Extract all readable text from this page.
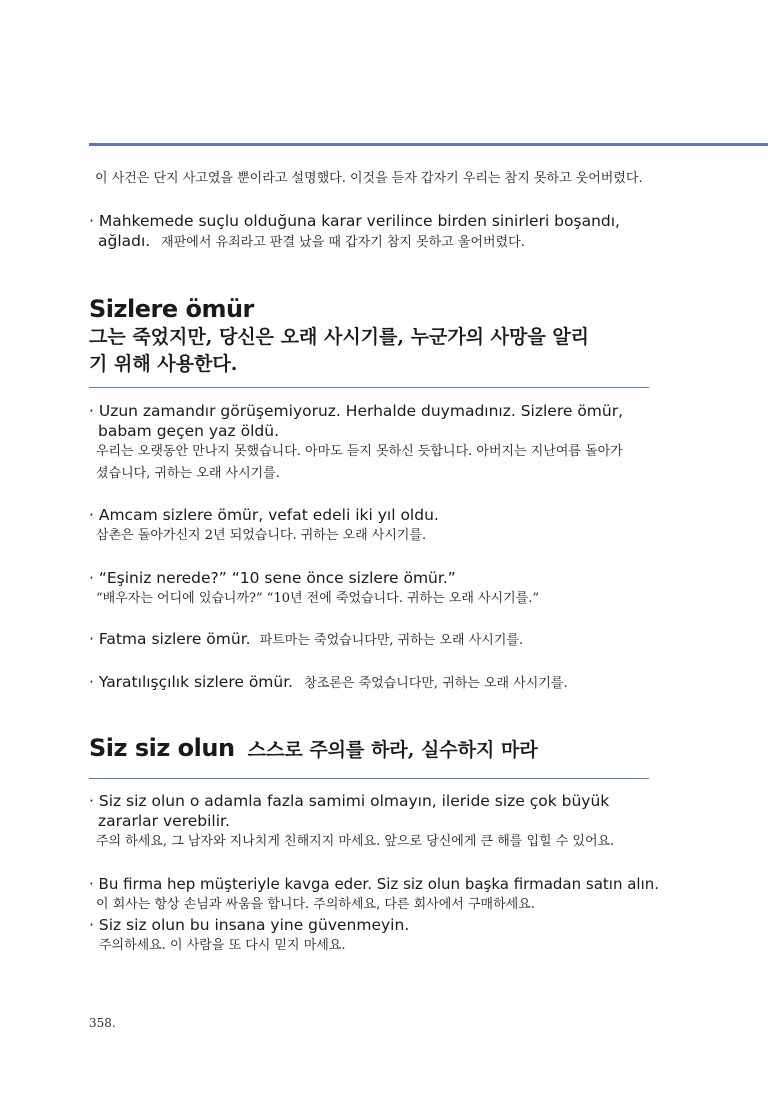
이 사건은 단지 사고였을 뿐이라고 설명했다. 이것을 듣자 갑자기 우리는 참지 못하고 웃어버렸다.
· Mahkemede suçlu olduğuna karar verilince birden sinirleri boşandı,
ağladı. 재판에서 유죄라고 판결 났을 때 갑자기 참지 못하고 울어버렸다.
Sizlere ömür
그는 죽었지만, 당신은 오래 사시기를, 누군가의 사망을 알리
기 위해 사용한다.
· Uzun zamandır görüşemiyoruz. Herhalde duymadınız. Sizlere ömür,
babam geçen yaz öldü.
우리는 오랫동안 만나지 못했습니다. 아마도 듣지 못하신 듯합니다. 아버지는 지난여름 돌아가
셨습니다, 귀하는 오래 사시기를.
· Amcam sizlere ömür, vefat edeli iki yıl oldu.
삼촌은 돌아가신지 2년 되었습니다. 귀하는 오래 사시기를.
· “Eşiniz nerede?” “10 sene önce sizlere ömür.”
“배우자는 어디에 있습니까?” “10년 전에 죽었습니다. 귀하는 오래 사시기를.”
· Fatma sizlere ömür. 파트마는 죽었습니다만, 귀하는 오래 사시기를.
· Yaratılışçılık sizlere ömür. 창조론은 죽었습니다만, 귀하는 오래 사시기를.
Siz siz olun 스스로 주의를 하라, 실수하지 마라
· Siz siz olun o adamla fazla samimi olmayın, ileride size çok büyük
zararlar verebilir.
주의 하세요, 그 남자와 지나치게 친해지지 마세요. 앞으로 당신에게 큰 해를 입힐 수 있어요.
· Bu firma hep müşteriyle kavga eder. Siz siz olun başka firmadan satın alın.
이 회사는 항상 손님과 싸움을 합니다. 주의하세요, 다른 회사에서 구매하세요.
· Siz siz olun bu insana yine güvenmeyin.
주의하세요. 이 사람을 또 다시 믿지 마세요.
358.
